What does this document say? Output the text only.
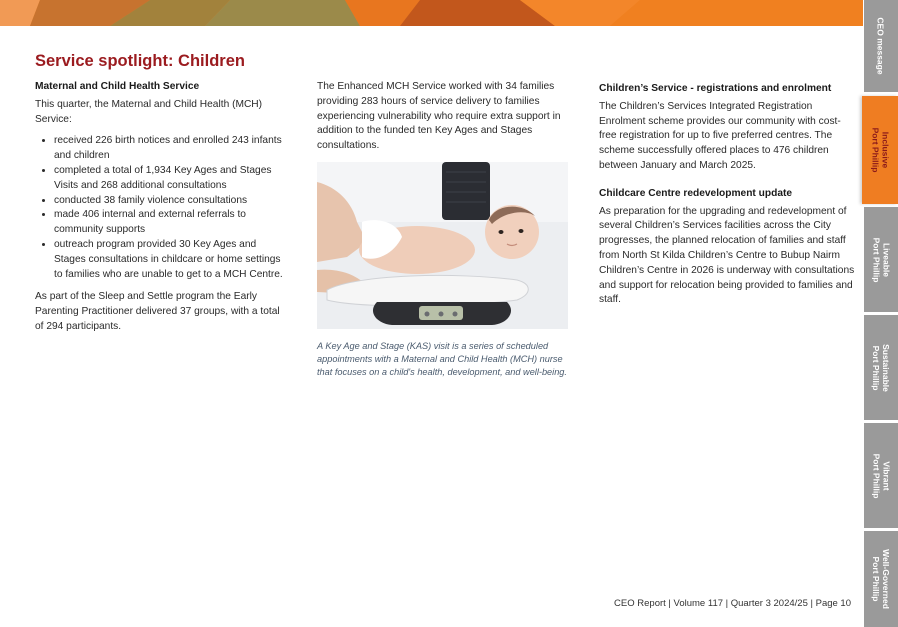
CEO message
Inclusive
Port Phillip
Liveable
Port Phillip
Sustainable
Port Phillip
Vibrant
Port Phillip
Well-Governed
Port Phillip
Service spotlight: Children

Maternal and Child Health Service

This quarter, the Maternal and Child Health (MCH) Service:

• received 226 birth notices and enrolled 243 infants and children
• completed a total of 1,934 Key Ages and Stages Visits and 268 additional consultations
• conducted 38 family violence consultations
• made 406 internal and external referrals to community supports
• outreach program provided 30 Key Ages and Stages consultations in childcare or home settings to families who are unable to get to a MCH Centre.

As part of the Sleep and Settle program the Early Parenting Practitioner delivered 37 groups, with a total of 294 participants.

The Enhanced MCH Service worked with 34 families providing 283 hours of service delivery to families experiencing vulnerability who require extra support in addition to the funded ten Key Ages and Stages consultations.

A Key Age and Stage (KAS) visit is a series of scheduled appointments with a Maternal and Child Health (MCH) nurse that focuses on a child's health, development, and well-being.

Children’s Service - registrations and enrolment

The Children’s Services Integrated Registration Enrolment scheme provides our community with cost-free registration for up to five preferred centres. The scheme successfully offered places to 476 children between January and March 2025.

Childcare Centre redevelopment update

As preparation for the upgrading and redevelopment of several Children’s Services facilities across the City progresses, the planned relocation of families and staff from North St Kilda Children’s Centre to Bubup Nairm Children’s Centre in 2026 is underway with consultations and support for relocation being provided to families and staff.

CEO Report | Volume 117 | Quarter 3 2024/25 | Page 10
